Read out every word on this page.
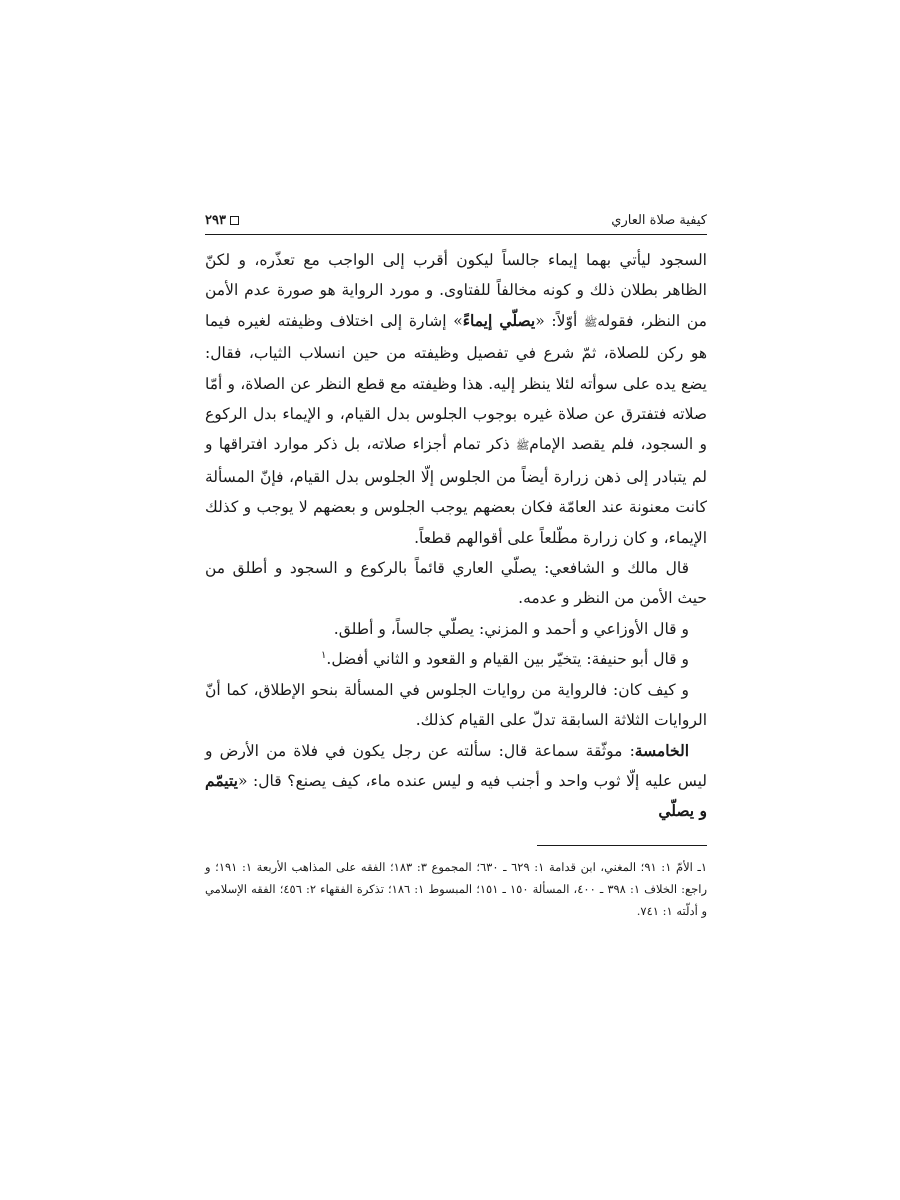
كيفية صلاة العاري
٢٩٣

السجود ليأتي بهما إيماء جالساً ليكون أقرب إلى الواجب مع تعذّره، و لكنّ الظاهر بطلان ذلك و كونه مخالفاً للفتاوى. و مورد الرواية هو صورة عدم الأمن من النظر، فقولهﷺ أوّلاً: «يصلّي إيماءً» إشارة إلى اختلاف وظيفته لغيره فيما هو ركن للصلاة، ثمّ شرع في تفصيل وظيفته من حين انسلاب الثياب، فقال: يضع يده على سوأته لئلا ينظر إليه. هذا وظيفته مع قطع النظر عن الصلاة، و أمّا صلاته فتفترق عن صلاة غيره بوجوب الجلوس بدل القيام، و الإيماء بدل الركوع و السجود، فلم يقصد الإمامﷺ ذكر تمام أجزاء صلاته، بل ذكر موارد افتراقها و لم يتبادر إلى ذهن زرارة أيضاً من الجلوس إلّا الجلوس بدل القيام، فإنّ المسألة كانت معنونة عند العامّة فكان بعضهم يوجب الجلوس و بعضهم لا يوجب و كذلك الإيماء، و كان زرارة مطّلعاً على أقوالهم قطعاً.

قال مالك و الشافعي: يصلّي العاري قائماً بالركوع و السجود و أطلق من حيث الأمن من النظر و عدمه.

و قال الأوزاعي و أحمد و المزني: يصلّي جالساً، و أطلق.

و قال أبو حنيفة: يتخيّر بين القيام و القعود و الثاني أفضل.$^١$

و كيف كان: فالرواية من روايات الجلوس في المسألة بنحو الإطلاق، كما أنّ الروايات الثلاثة السابقة تدلّ على القيام كذلك.

الخامسة: موثّقة سماعة قال: سألته عن رجل يكون في فلاة من الأرض و ليس عليه إلّا ثوب واحد و أجنب فيه و ليس عنده ماء، كيف يصنع؟ قال: «يتيمّم و يصلّي

١ـ الأمّ ١: ٩١؛ المغني، ابن قدامة ١: ٦٢٩ ـ ٦٣٠؛ المجموع ٣: ١٨٣؛ الفقه على المذاهب الأربعة ١: ١٩١؛ و راجع: الخلاف ١: ٣٩٨ ـ ٤٠٠، المسألة ١٥٠ ـ ١٥١؛ المبسوط ١: ١٨٦؛ تذكرة الفقهاء ٢: ٤٥٦؛ الفقه الإسلامي و أدلّته ١: ٧٤١.
